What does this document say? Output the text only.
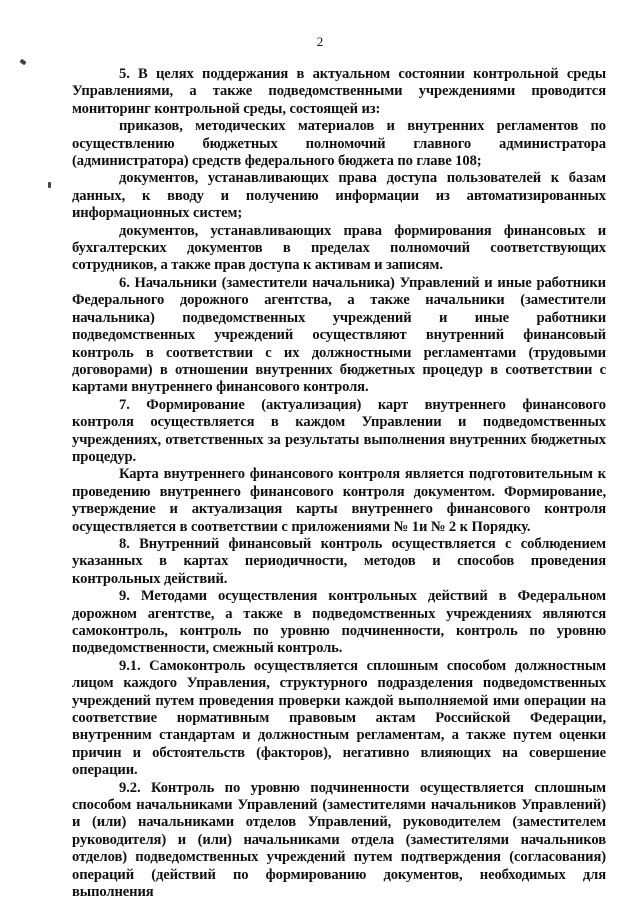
2

5. В целях поддержания в актуальном состоянии контрольной среды Управлениями, а также подведомственными учреждениями проводится мониторинг контрольной среды, состоящей из:

приказов, методических материалов и внутренних регламентов по осуществлению бюджетных полномочий главного администратора (администратора) средств федерального бюджета по главе 108;

документов, устанавливающих права доступа пользователей к базам данных, к вводу и получению информации из автоматизированных информационных систем;

документов, устанавливающих права формирования финансовых и бухгалтерских документов в пределах полномочий соответствующих сотрудников, а также прав доступа к активам и записям.

6. Начальники (заместители начальника) Управлений и иные работники Федерального дорожного агентства, а также начальники (заместители начальника) подведомственных учреждений и иные работники подведомственных учреждений осуществляют внутренний финансовый контроль в соответствии с их должностными регламентами (трудовыми договорами) в отношении внутренних бюджетных процедур в соответствии с картами внутреннего финансового контроля.

7. Формирование (актуализация) карт внутреннего финансового контроля осуществляется в каждом Управлении и подведомственных учреждениях, ответственных за результаты выполнения внутренних бюджетных процедур.

Карта внутреннего финансового контроля является подготовительным к проведению внутреннего финансового контроля документом. Формирование, утверждение и актуализация карты внутреннего финансового контроля осуществляется в соответствии с приложениями № 1и № 2 к Порядку.

8. Внутренний финансовый контроль осуществляется с соблюдением указанных в картах периодичности, методов и способов проведения контрольных действий.

9. Методами осуществления контрольных действий в Федеральном дорожном агентстве, а также в подведомственных учреждениях являются самоконтроль, контроль по уровню подчиненности, контроль по уровню подведомственности, смежный контроль.

9.1. Самоконтроль осуществляется сплошным способом должностным лицом каждого Управления, структурного подразделения подведомственных учреждений путем проведения проверки каждой выполняемой ими операции на соответствие нормативным правовым актам Российской Федерации, внутренним стандартам и должностным регламентам, а также путем оценки причин и обстоятельств (факторов), негативно влияющих на совершение операции.

9.2. Контроль по уровню подчиненности осуществляется сплошным способом начальниками Управлений (заместителями начальников Управлений) и (или) начальниками отделов Управлений, руководителем (заместителем руководителя) и (или) начальниками отдела (заместителями начальников отделов) подведомственных учреждений путем подтверждения (согласования) операций (действий по формированию документов, необходимых для выполнения
